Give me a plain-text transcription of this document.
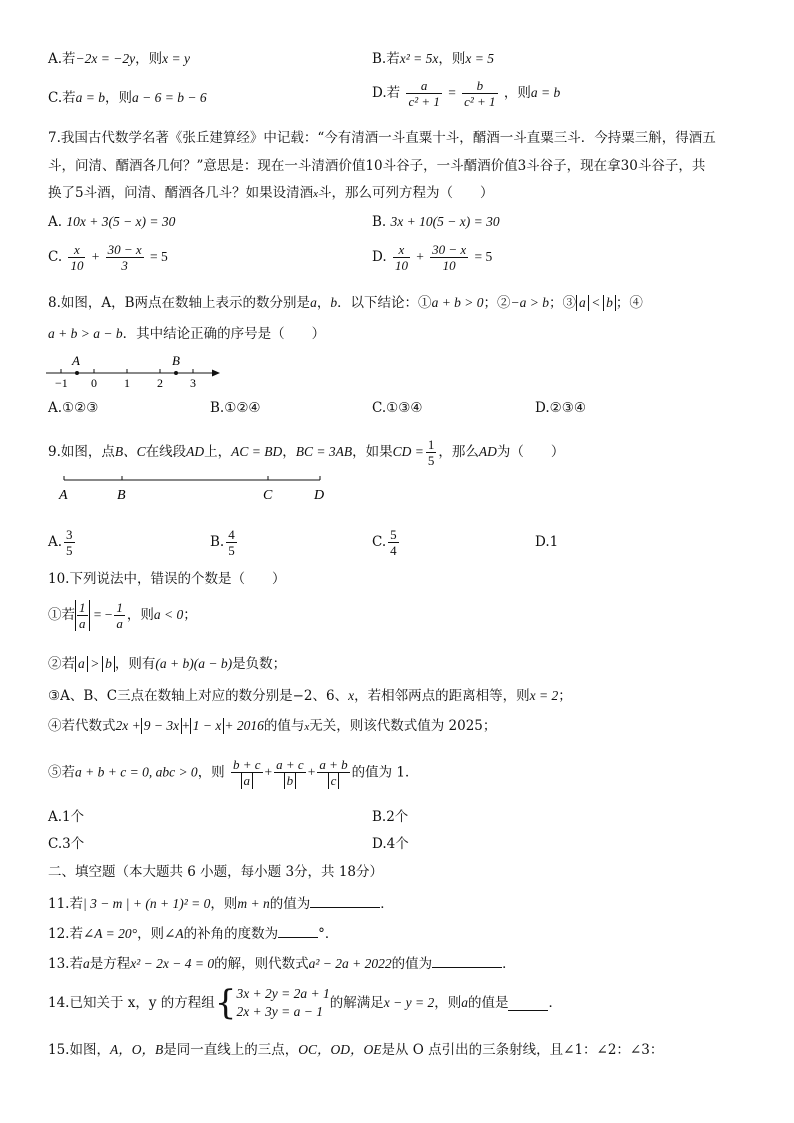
A.若−2x = −2y，则x = y	B.若x² = 5x，则x = 5
C.若a = b，则a − 6 = b − 6	D.若 $\frac{a}{\text{c² + 1}} = \frac{b}{\text{c² + 1}}$ ，则a = b
7.我国古代数学名著《张丘建算经》中记载：“今有清酒一斗直粟十斗，醑酒一斗直粟三斗．今持粟三斛，得酒五
斗，问清、醑酒各几何？”意思是：现在一斗清酒价值10斗谷子，一斗醑酒价值3斗谷子，现在拿30斗谷子，共
换了5斗酒，问清、醑酒各几斗？如果设清酒x斗，那么可列方程为（　　）
A. 10x + 3(5 − x) = 30	B. 3x + 10(5 − x) = 30
C. $\frac{x}{10} + \frac{30 - x}{3} = 5$	D. $\frac{x}{10} + \frac{30 - x}{10} = 5$
8.如图，A，B两点在数轴上表示的数分别是a，b．以下结论：①a + b > 0；②−a > b；③ a < b ；④
a + b > a − b．其中结论正确的序号是（　　）
A	B
−1 0 1 2 3
A.①②③	B.①②④	C.①③④	D.②③④
9.如图，点B、C在线段AD上，AC = BD，BC = 3AB，如果CD = $\frac{1}{5}$ ，那么AD为（　　）
A	B	C	D
A. $\frac{3}{5}$	B. $\frac{4}{5}$	C. $\frac{5}{4}$	D.1
10.下列说法中，错误的个数是（　　）
①若 $\frac{1}{a}$ = − $\frac{1}{a}$ ，则a < 0；
②若 a > b ，则有(a + b)(a − b)是负数；
③A、B、C三点在数轴上对应的数分别是−2、6、x，若相邻两点的距离相等，则x = 2；
④若代数式2x + 9 − 3x + 1 − x + 2016的值与x无关，则该代数式值为 2025；
⑤若a + b + c = 0, abc > 0，则 $\frac{b + c}{a} + \frac{a + c}{b} + \frac{a + b}{c}$ 的值为 1．
A.1个	B.2个
C.3个	D.4个
二、填空题（本大题共 6 小题，每小题 3分，共 18分）
11.若| 3 − m | + (n + 1)² = 0，则m + n的值为	．
12.若∠A = 20°，则∠A的补角的度数为	°．
13.若a是方程x² − 2x − 4 = 0的解，则代数式a² − 2a + 2022的值为	．
14.已知关于 x，y 的方程组{ 3x + 2y = 2a + 1
2x + 3y = a − 1
的解满足x − y = 2，则a的值是	．
15.如图，A，O，B是同一直线上的三点，OC，OD，OE是从 O 点引出的三条射线，且∠1：∠2：∠3：
